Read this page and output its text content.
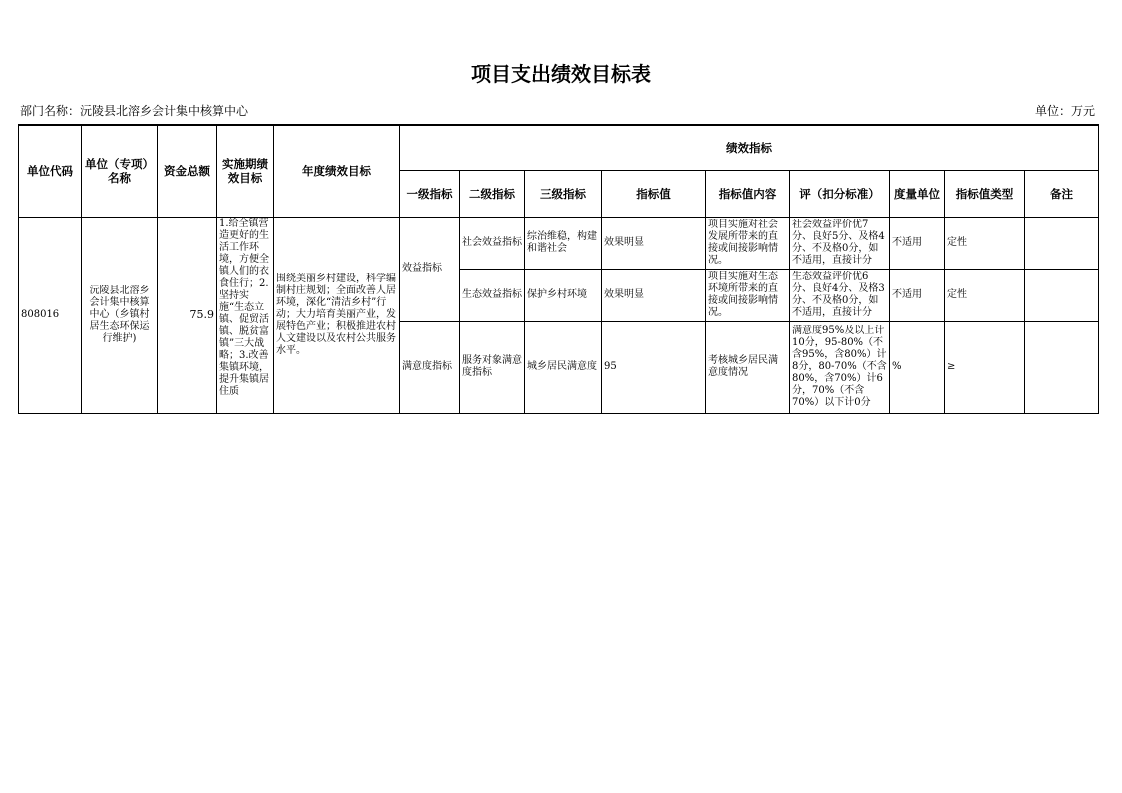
项目支出绩效目标表
部门名称：沅陵县北溶乡会计集中核算中心	单位：万元
单位代码	单位（专项）名称	资金总额	实施期绩效目标	年度绩效目标	绩效指标								
					一级指标	二级指标	三级指标	指标值	指标值内容	评（扣分标准）	度量单位	指标值类型	备注
808016	沅陵县北溶乡会计集中核算中心（乡镇村居生态环保运行维护)	75.9	1.给全镇营造更好的生活工作环境，方便全镇人们的衣食住行；2.坚持实施“生态立镇、促贸活镇、脱贫富镇”三大战略；3.改善集镇环境，提升集镇居住质	围绕美丽乡村建设，科学编制村庄规划；全面改善人居环境，深化“清洁乡村”行动；大力培育美丽产业，发展特色产业；积极推进农村人文建设以及农村公共服务水平。	效益指标	社会效益指标	综治维稳，构建和谐社会	效果明显	项目实施对社会发展所带来的直接或间接影响情况。	社会效益评价优7分、良好5分、及格4分、不及格0分，如不适用，直接计分	不适用	定性	
						生态效益指标	保护乡村环境	效果明显	项目实施对生态环境所带来的直接或间接影响情况。	生态效益评价优6分、良好4分、及格3分、不及格0分，如不适用，直接计分	不适用	定性	
					满意度指标	服务对象满意度指标	城乡居民满意度	95	考核城乡居民满意度情况	满意度95%及以上计10分，95-80%（不含95%，含80%）计8分，80-70%（不含80%，含70%）计6分，70%（不含70%）以下计0分	%	≥	
